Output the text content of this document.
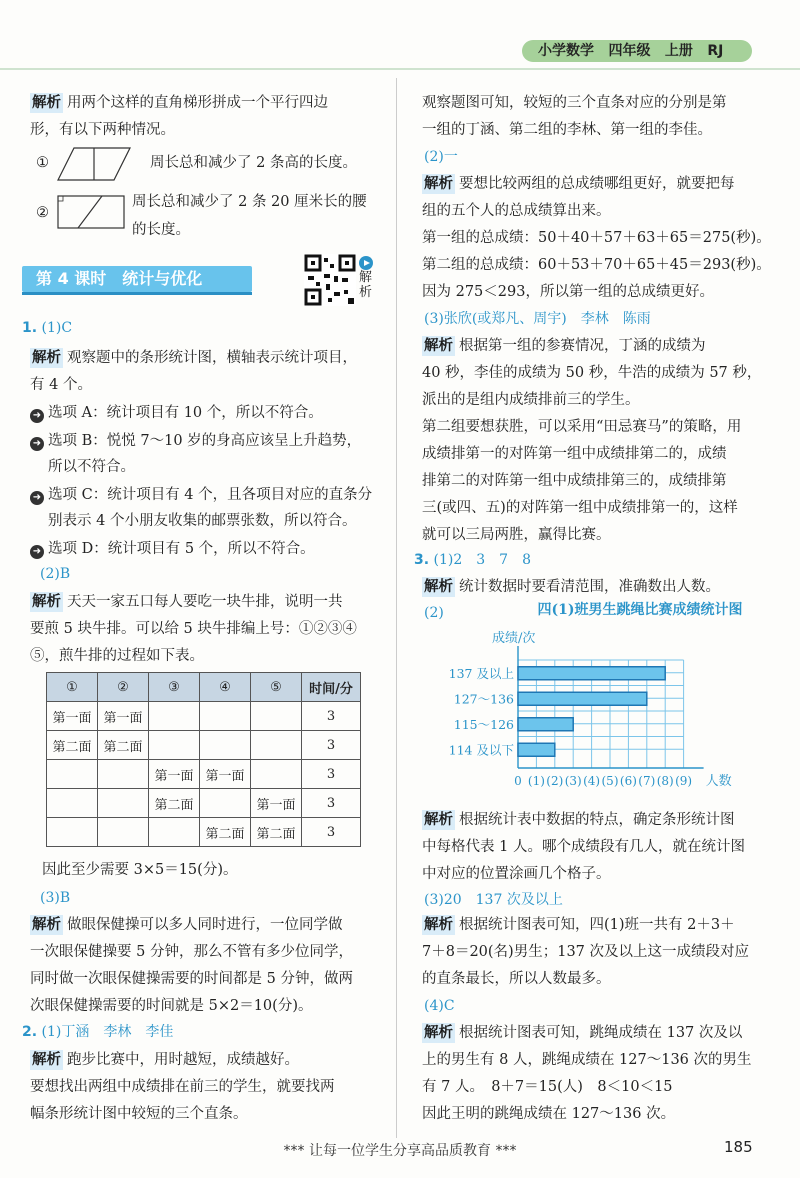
小学数学 四年级 上册 RJ
解析 用两个这样的直角梯形拼成一个平行四边
形，有以下两种情况。
①	周长总和减少了 2 条高的长度。
②
周长总和减少了 2 条 20 厘米长的腰
的长度。
第 4 课时　统计与优化	解析
1. (1)C
解析 观察题中的条形统计图，横轴表示统计项目，
有 4 个。
➜ 选项 A：统计项目有 10 个，所以不符合。
➜ 选项 B：悦悦 7～10 岁的身高应该呈上升趋势，
所以不符合。
➜ 选项 C：统计项目有 4 个，且各项目对应的直条分
别表示 4 个小朋友收集的邮票张数，所以符合。
➜ 选项 D：统计项目有 5 个，所以不符合。
(2)B
解析 天天一家五口每人要吃一块牛排，说明一共
要煎 5 块牛排。可以给 5 块牛排编上号：①②③④
⑤，煎牛排的过程如下表。
①	②	③	④	⑤	时间/分
第一面	第一面				3
第二面	第二面				3
		第一面	第一面		3
		第二面		第一面	3
			第二面	第二面	3
因此至少需要 3×5＝15(分)。
(3)B
解析 做眼保健操可以多人同时进行，一位同学做
一次眼保健操要 5 分钟，那么不管有多少位同学，
同时做一次眼保健操需要的时间都是 5 分钟，做两
次眼保健操需要的时间就是 5×2＝10(分)。
2. (1)丁涵　李林　李佳
解析 跑步比赛中，用时越短，成绩越好。
要想找出两组中成绩排在前三的学生，就要找两
幅条形统计图中较短的三个直条。
观察题图可知，较短的三个直条对应的分别是第
一组的丁涵、第二组的李林、第一组的李佳。
(2)一
解析 要想比较两组的总成绩哪组更好，就要把每
组的五个人的总成绩算出来。
第一组的总成绩：50＋40＋57＋63＋65＝275(秒)。
第二组的总成绩：60＋53＋70＋65＋45＝293(秒)。
因为 275＜293，所以第一组的总成绩更好。
(3)张欣(或郑凡、周宇)　李林　陈雨
解析 根据第一组的参赛情况，丁涵的成绩为
40 秒，李佳的成绩为 50 秒，牛浩的成绩为 57 秒，
派出的是组内成绩排前三的学生。
第二组要想获胜，可以采用“田忌赛马”的策略，用
成绩排第一的对阵第一组中成绩排第二的，成绩
排第二的对阵第一组中成绩排第三的，成绩排第
三(或四、五)的对阵第一组中成绩排第一的，这样
就可以三局两胜，赢得比赛。
3. (1)2　3　7　8
解析 统计数据时要看清范围，准确数出人数。
(2)	四(1)班男生跳绳比赛成绩统计图
成绩/次
137 及以上
127～136
115～126
114 及以下
0 (1) (2) (3) (4) (5) (6) (7) (8) (9) 人数
解析 根据统计表中数据的特点，确定条形统计图
中每格代表 1 人。哪个成绩段有几人，就在统计图
中对应的位置涂画几个格子。
(3)20　137 次及以上
解析 根据统计图表可知，四(1)班一共有 2＋3＋
7＋8＝20(名)男生；137 次及以上这一成绩段对应
的直条最长，所以人数最多。
(4)C
解析 根据统计图表可知，跳绳成绩在 137 次及以
上的男生有 8 人，跳绳成绩在 127～136 次的男生
有 7 人。　8＋7＝15(人)　8＜10＜15
因此王明的跳绳成绩在 127～136 次。
*** 让每一位学生分享高品质教育 ***	185
